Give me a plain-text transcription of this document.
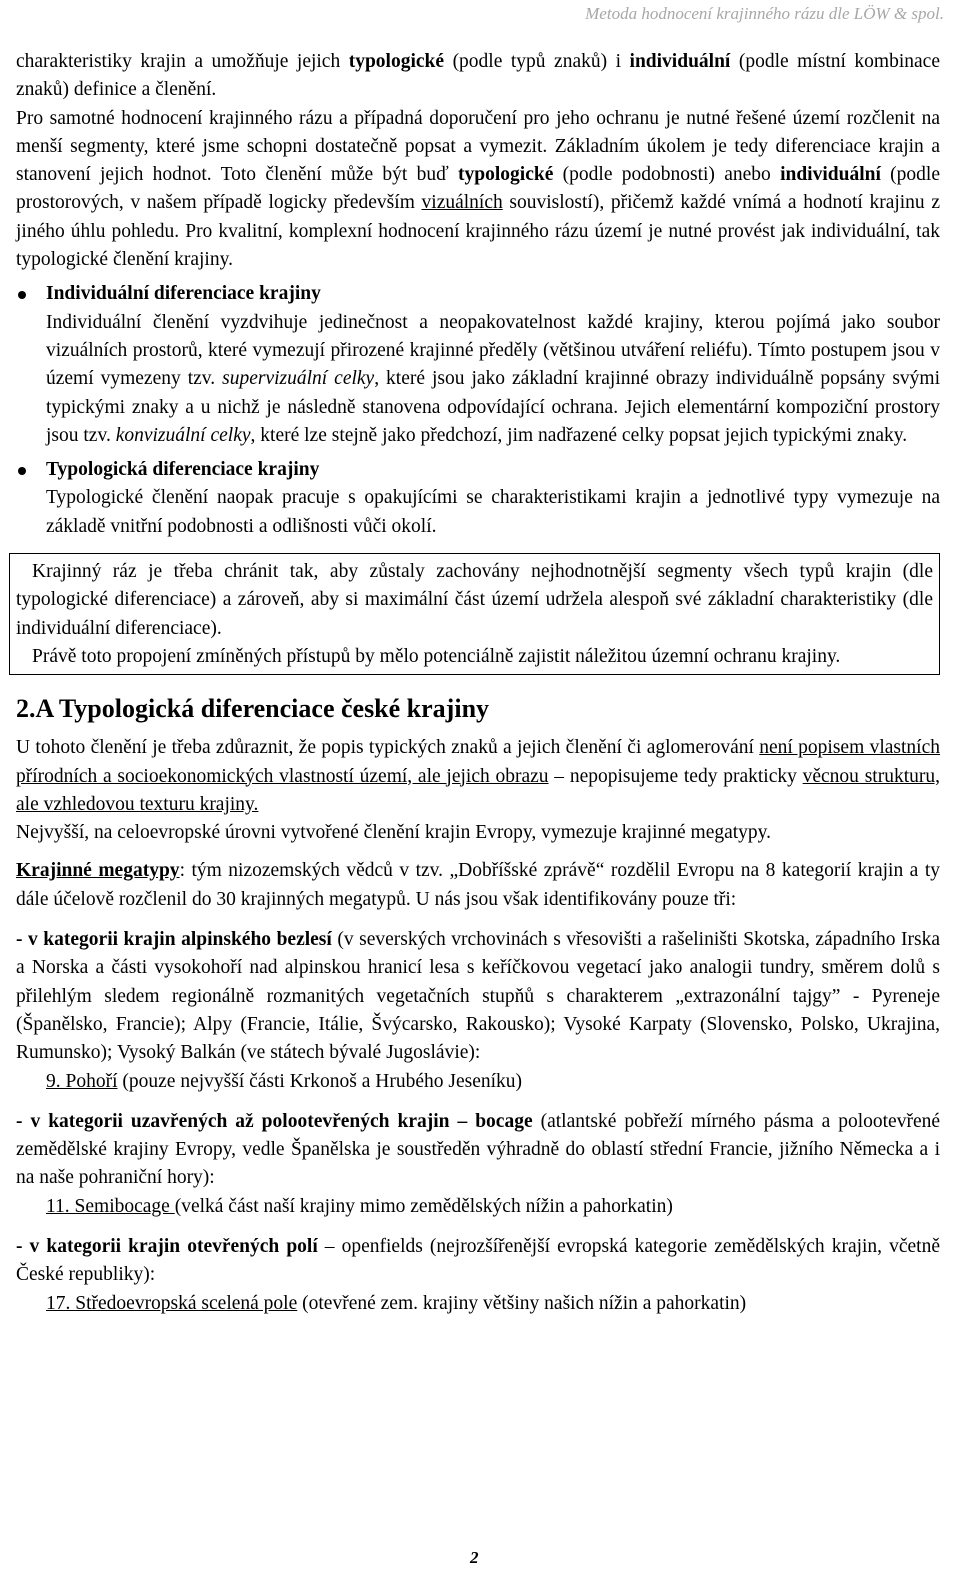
Metoda hodnocení krajinného rázu dle LÖW & spol.

charakteristiky krajin a umožňuje jejich typologické (podle typů znaků) i individuální (podle místní kombinace znaků) definice a členění.

Pro samotné hodnocení krajinného rázu a případná doporučení pro jeho ochranu je nutné řešené území rozčlenit na menší segmenty, které jsme schopni dostatečně popsat a vymezit. Základním úkolem je tedy diferenciace krajin a stanovení jejich hodnot. Toto členění může být buď typologické (podle podobnosti) anebo individuální (podle prostorových, v našem případě logicky především vizuálních souvislostí), přičemž každé vnímá a hodnotí krajinu z jiného úhlu pohledu. Pro kvalitní, komplexní hodnocení krajinného rázu území je nutné provést jak individuální, tak typologické členění krajiny.

Individuální diferenciace krajiny

Individuální členění vyzdvihuje jedinečnost a neopakovatelnost každé krajiny, kterou pojímá jako soubor vizuálních prostorů, které vymezují přirozené krajinné předěly (většinou utváření reliéfu). Tímto postupem jsou v území vymezeny tzv. supervizuální celky, které jsou jako základní krajinné obrazy individuálně popsány svými typickými znaky a u nichž je následně stanovena odpovídající ochrana. Jejich elementární kompoziční prostory jsou tzv. konvizuální celky, které lze stejně jako předchozí, jim nadřazené celky popsat jejich typickými znaky.

Typologická diferenciace krajiny

Typologické členění naopak pracuje s opakujícími se charakteristikami krajin a jednotlivé typy vymezuje na základě vnitřní podobnosti a odlišnosti vůči okolí.

Krajinný ráz je třeba chránit tak, aby zůstaly zachovány nejhodnotnější segmenty všech typů krajin (dle typologické diferenciace) a zároveň, aby si maximální část území udržela alespoň své základní charakteristiky (dle individuální diferenciace).

Právě toto propojení zmíněných přístupů by mělo potenciálně zajistit náležitou územní ochranu krajiny.

2.A Typologická diferenciace české krajiny

U tohoto členění je třeba zdůraznit, že popis typických znaků a jejich členění či aglomerování není popisem vlastních přírodních a socioekonomických vlastností území, ale jejich obrazu – nepopisujeme tedy prakticky věcnou strukturu, ale vzhledovou texturu krajiny.

Nejvyšší, na celoevropské úrovni vytvořené členění krajin Evropy, vymezuje krajinné megatypy.

Krajinné megatypy: tým nizozemských vědců v tzv. „Dobříšské zprávě“ rozdělil Evropu na 8 kategorií krajin a ty dále účelově rozčlenil do 30 krajinných megatypů. U nás jsou však identifikovány pouze tři:

- v kategorii krajin alpinského bezlesí (v severských vrchovinách s vřesovišti a rašeliništi Skotska, západního Irska a Norska a části vysokohoří nad alpinskou hranicí lesa s keříčkovou vegetací jako analogii tundry, směrem dolů s přilehlým sledem regionálně rozmanitých vegetačních stupňů s charakterem „extrazonální tajgy” - Pyreneje (Španělsko, Francie); Alpy (Francie, Itálie, Švýcarsko, Rakousko); Vysoké Karpaty (Slovensko, Polsko, Ukrajina, Rumunsko); Vysoký Balkán (ve státech bývalé Jugoslávie):

9. Pohoří (pouze nejvyšší části Krkonoš a Hrubého Jeseníku)

- v kategorii uzavřených až polootevřených krajin – bocage (atlantské pobřeží mírného pásma a polootevřené zemědělské krajiny Evropy, vedle Španělska je soustředěn výhradně do oblastí střední Francie, jižního Německa a i na naše pohraniční hory):

11. Semibocage (velká část naší krajiny mimo zemědělských nížin a pahorkatin)

- v kategorii krajin otevřených polí – openfields (nejrozšířenější evropská kategorie zemědělských krajin, včetně České republiky):

17. Středoevropská scelená pole (otevřené zem. krajiny většiny našich nížin a pahorkatin)

2
